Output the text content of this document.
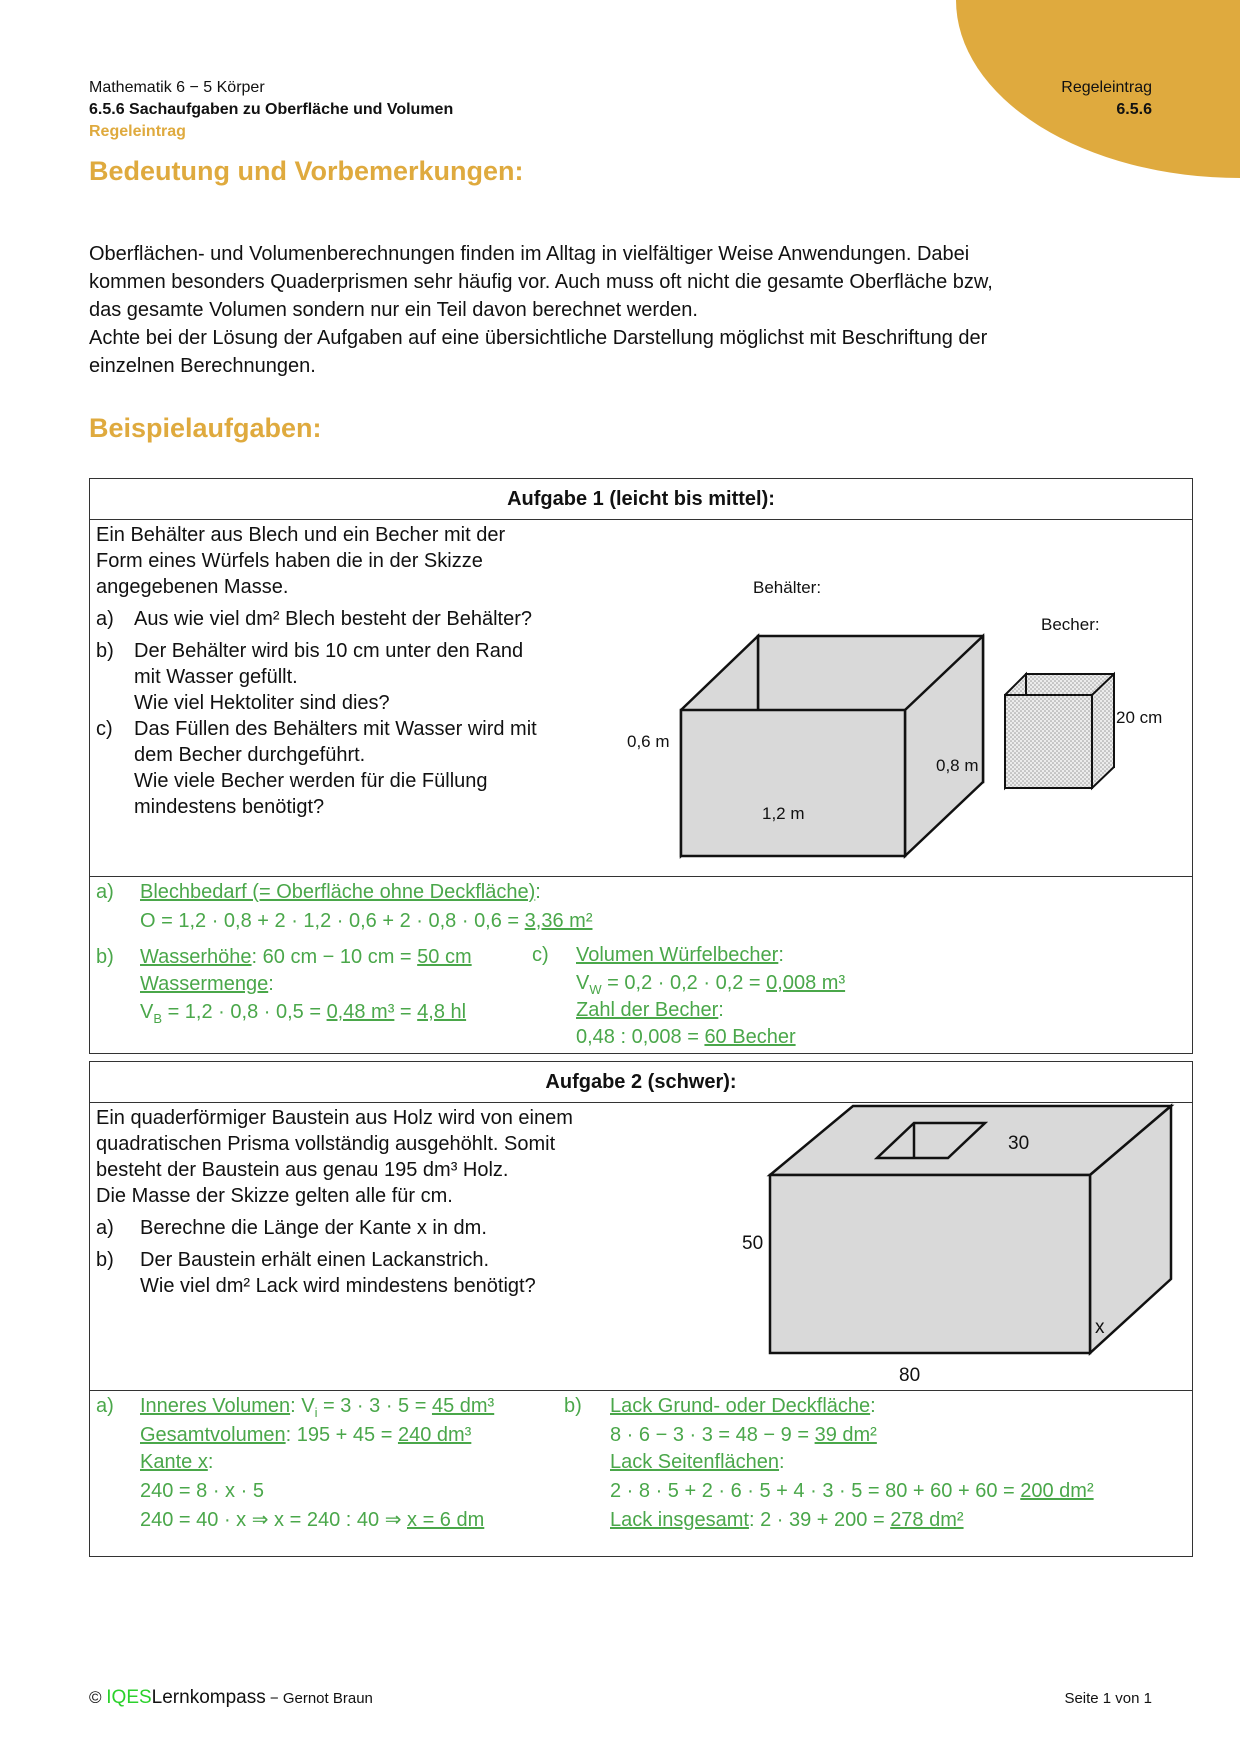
Mathematik 6 − 5 Körper
6.5.6 Sachaufgaben zu Oberfläche und Volumen
Regeleintrag
Regeleintrag
6.5.6
Bedeutung und Vorbemerkungen:
Oberflächen- und Volumenberechnungen finden im Alltag in vielfältiger Weise Anwendungen. Dabei
kommen besonders Quaderprismen sehr häufig vor. Auch muss oft nicht die gesamte Oberfläche bzw,
das gesamte Volumen sondern nur ein Teil davon berechnet werden.
Achte bei der Lösung der Aufgaben auf eine übersichtliche Darstellung möglichst mit Beschriftung der
einzelnen Berechnungen.
Beispielaufgaben:
Aufgabe 1 (leicht bis mittel):
Ein Behälter aus Blech und ein Becher mit der
Form eines Würfels haben die in der Skizze
angegebenen Masse.
a)	Aus wie viel dm² Blech besteht der Behälter?
b)	Der Behälter wird bis 10 cm unter den Rand
mit Wasser gefüllt.
Wie viel Hektoliter sind dies?
c)	Das Füllen des Behälters mit Wasser wird mit
dem Becher durchgeführt.
Wie viele Becher werden für die Füllung
mindestens benötigt?
Behälter:
Becher:
0,6 m
0,8 m
1,2 m
20 cm
a) Blechbedarf (= Oberfläche ohne Deckfläche):
O = 1,2 · 0,8 + 2 · 1,2 · 0,6 + 2 · 0,8 · 0,6 = 3,36 m²
b) Wasserhöhe: 60 cm − 10 cm = 50 cm
Wassermenge:
$V_B = 1,2 \cdot 0,8 \cdot 0,5 = 0,48$ m³ = 4,8 hl
c) Volumen Würfelbecher:
$V_W = 0,2 \cdot 0,2 \cdot 0,2 = 0,008$ m³
Zahl der Becher:
0,48 : 0,008 = 60 Becher
Aufgabe 2 (schwer):
Ein quaderförmiger Baustein aus Holz wird von einem
quadratischen Prisma vollständig ausgehöhlt. Somit
besteht der Baustein aus genau 195 dm³ Holz.
Die Masse der Skizze gelten alle für cm.
a)	Berechne die Länge der Kante x in dm.
b)	Der Baustein erhält einen Lackanstrich.
Wie viel dm² Lack wird mindestens benötigt?
30
50
80
x
a) Inneres Volumen: $V_i = 3 \cdot 3 \cdot 5 = 45$ dm³
Gesamtvolumen: 195 + 45 = 240 dm³
Kante x:
240 = 8 · x · 5
240 = 40 · x ⇒ x = 240 : 40 ⇒ x = 6 dm
b) Lack Grund- oder Deckfläche:
8 · 6 − 3 · 3 = 48 − 9 = 39 dm²
Lack Seitenflächen:
2 · 8 · 5 + 2 · 6 · 5 + 4 · 3 · 5 = 80 + 60 + 60 = 200 dm²
Lack insgesamt: 2 · 39 + 200 = 278 dm²
© IQESLernkompass − Gernot Braun	Seite 1 von 1
